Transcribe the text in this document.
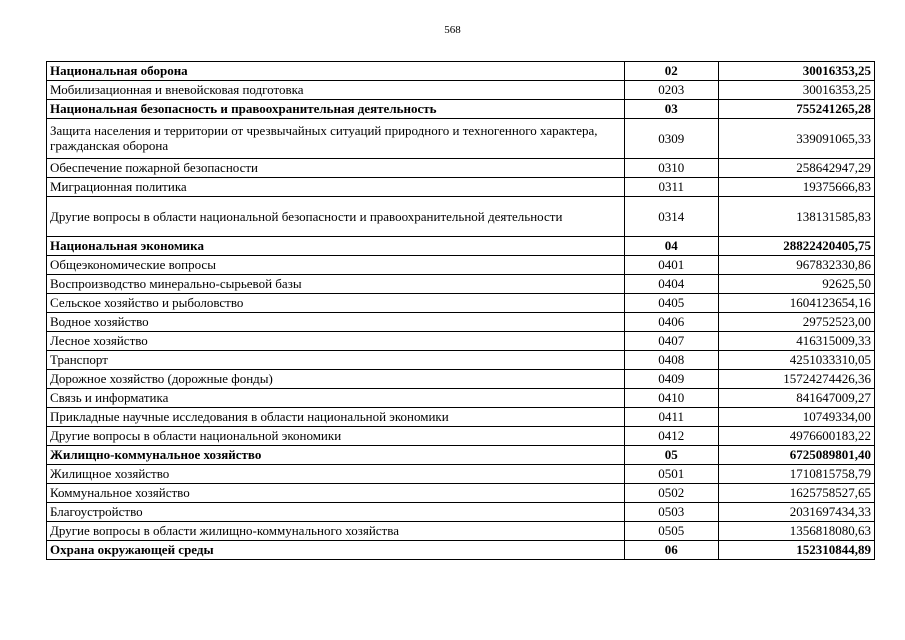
568
Национальная оборона	02	30016353,25
Мобилизационная и вневойсковая подготовка	0203	30016353,25
Национальная безопасность и правоохранительная деятельность	03	755241265,28
Защита населения и территории от чрезвычайных ситуаций природного и техногенного характера, гражданская оборона	0309	339091065,33
Обеспечение пожарной безопасности	0310	258642947,29
Миграционная политика	0311	19375666,83
Другие вопросы в области национальной безопасности и правоохранительной деятельности	0314	138131585,83
Национальная экономика	04	28822420405,75
Общеэкономические вопросы	0401	967832330,86
Воспроизводство минерально-сырьевой базы	0404	92625,50
Сельское хозяйство и рыболовство	0405	1604123654,16
Водное хозяйство	0406	29752523,00
Лесное хозяйство	0407	416315009,33
Транспорт	0408	4251033310,05
Дорожное хозяйство (дорожные фонды)	0409	15724274426,36
Связь и информатика	0410	841647009,27
Прикладные научные исследования в области национальной экономики	0411	10749334,00
Другие вопросы в области национальной экономики	0412	4976600183,22
Жилищно-коммунальное хозяйство	05	6725089801,40
Жилищное хозяйство	0501	1710815758,79
Коммунальное хозяйство	0502	1625758527,65
Благоустройство	0503	2031697434,33
Другие вопросы в области жилищно-коммунального хозяйства	0505	1356818080,63
Охрана окружающей среды	06	152310844,89
